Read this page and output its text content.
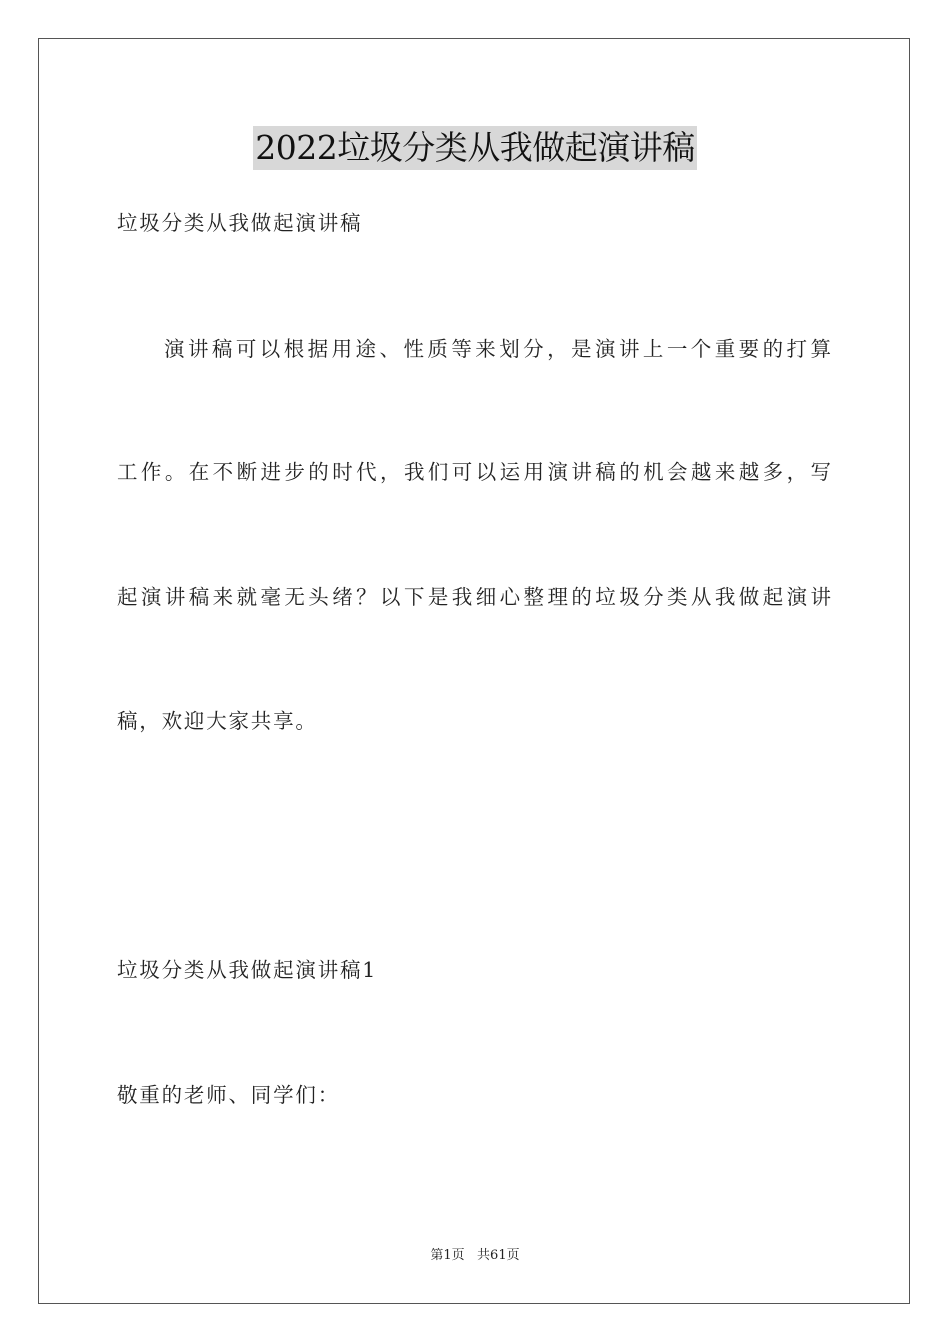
2022垃圾分类从我做起演讲稿
垃圾分类从我做起演讲稿
演讲稿可以根据用途、性质等来划分，是演讲上一个重要的打算
工作。在不断进步的时代，我们可以运用演讲稿的机会越来越多，写
起演讲稿来就毫无头绪？以下是我细心整理的垃圾分类从我做起演讲
稿，欢迎大家共享。
垃圾分类从我做起演讲稿1
敬重的老师、同学们：
第1页   共61页
